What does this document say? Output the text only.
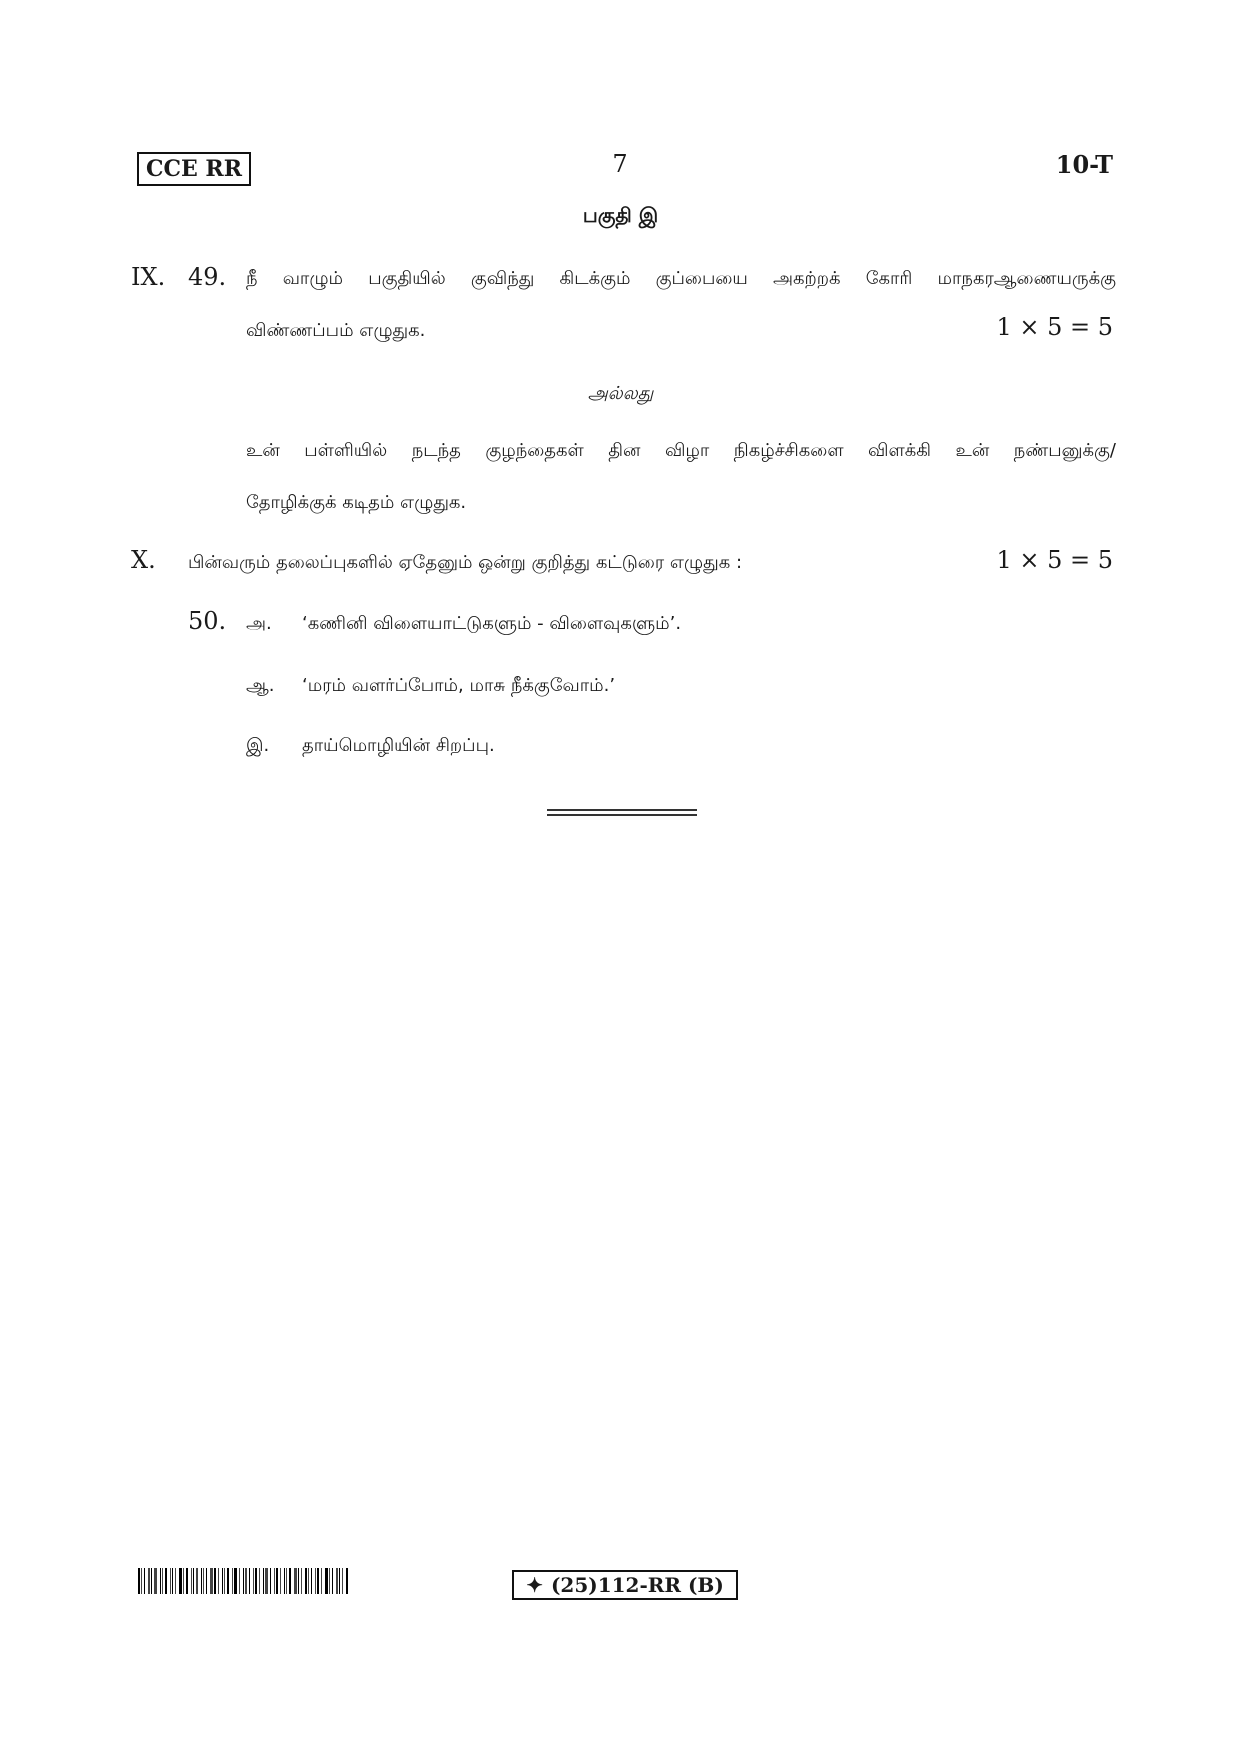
CCE RR	7	10-T
பகுதி இ
IX. 49. நீ வாழும் பகுதியில் குவிந்து கிடக்கும் குப்பையை அகற்றக் கோரி மாநகரஆணையருக்கு
விண்ணப்பம் எழுதுக.	1 × 5 = 5
அல்லது
உன் பள்ளியில் நடந்த குழந்தைகள் தின விழா நிகழ்ச்சிகளை விளக்கி உன் நண்பனுக்கு/
தோழிக்குக் கடிதம் எழுதுக.
X. பின்வரும் தலைப்புகளில் ஏதேனும் ஒன்று குறித்து கட்டுரை எழுதுக :	1 × 5 = 5
50. அ. ‘கணினி விளையாட்டுகளும் - விளைவுகளும்’.
ஆ. ‘மரம் வளர்ப்போம், மாசு நீக்குவோம்.’
இ. தாய்மொழியின் சிறப்பு.
✦ (25)112-RR (B)
